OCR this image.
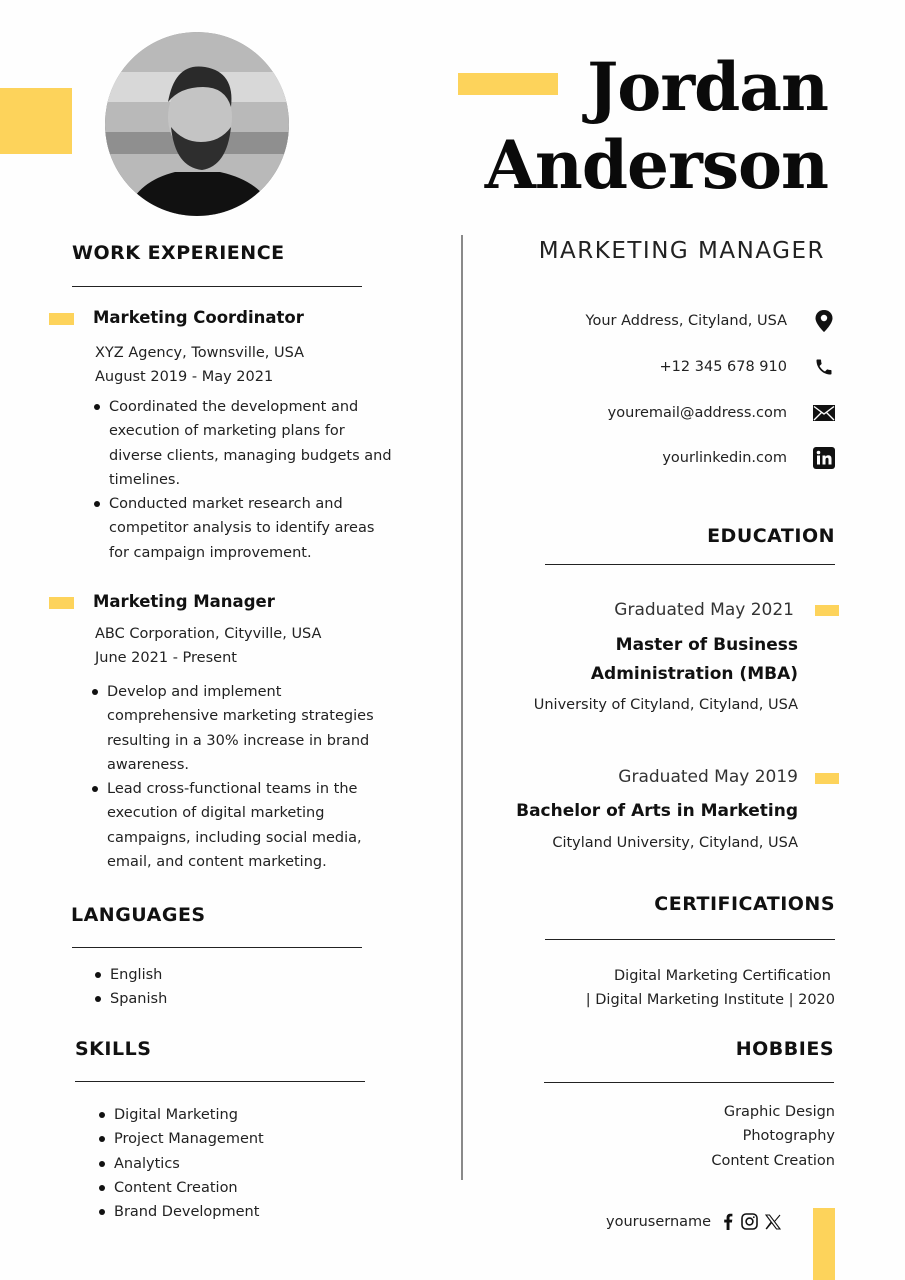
Jordan
Anderson
MARKETING MANAGER
WORK EXPERIENCE
Marketing Coordinator
XYZ Agency, Townsville, USA
August 2019 - May 2021
Coordinated the development and execution of marketing plans for diverse clients, managing budgets and timelines.
Conducted market research and competitor analysis to identify areas for campaign improvement.
Marketing Manager
ABC Corporation, Cityville, USA
June 2021 - Present
Develop and implement comprehensive marketing strategies resulting in a 30% increase in brand awareness.
Lead cross-functional teams in the execution of digital marketing campaigns, including social media, email, and content marketing.
LANGUAGES
English
Spanish
SKILLS
Digital Marketing
Project Management
Analytics
Content Creation
Brand Development
Your Address, Cityland, USA
+12 345 678 910
youremail@address.com
yourlinkedin.com
EDUCATION
Graduated May 2021
Master of Business
Administration (MBA)
University of Cityland, Cityland, USA
Graduated May 2019
Bachelor of Arts in Marketing
Cityland University, Cityland, USA
CERTIFICATIONS
Digital Marketing Certification
| Digital Marketing Institute | 2020
HOBBIES
Graphic Design
Photography
Content Creation
yourusername
